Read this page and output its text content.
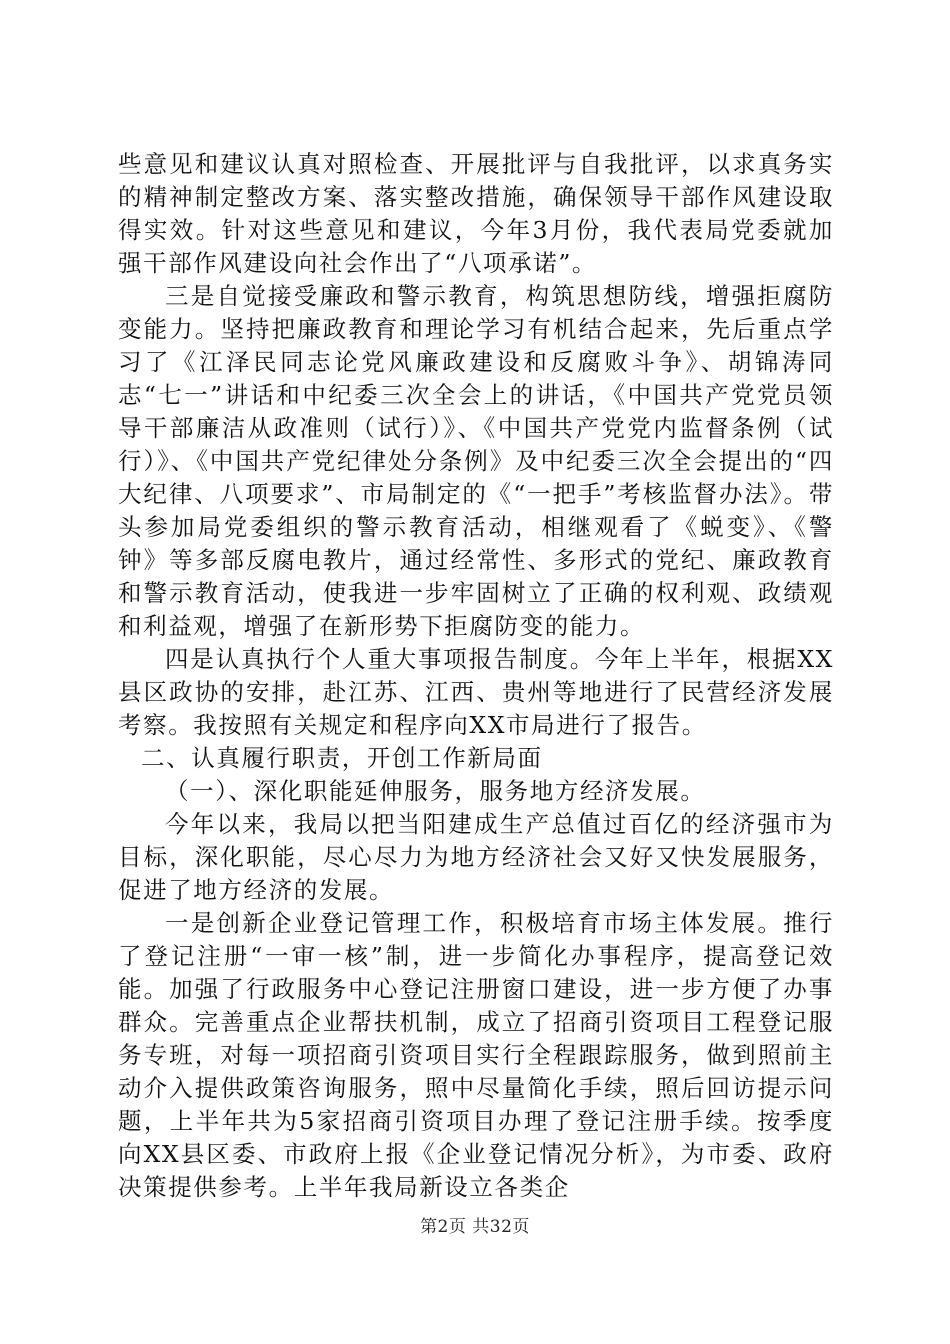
些意见和建议认真对照检查、开展批评与自我批评，以求真务实的精神制定整改方案、落实整改措施，确保领导干部作风建设取得实效。针对这些意见和建议，今年3月份，我代表局党委就加强干部作风建设向社会作出了“八项承诺”。

三是自觉接受廉政和警示教育，构筑思想防线，增强拒腐防变能力。坚持把廉政教育和理论学习有机结合起来，先后重点学习了《江泽民同志论党风廉政建设和反腐败斗争》、胡锦涛同志“七一”讲话和中纪委三次全会上的讲话，《中国共产党党员领导干部廉洁从政准则（试行）》、《中国共产党党内监督条例（试行）》、《中国共产党纪律处分条例》及中纪委三次全会提出的“四大纪律、八项要求”、市局制定的《“一把手”考核监督办法》。带头参加局党委组织的警示教育活动，相继观看了《蜕变》、《警钟》等多部反腐电教片，通过经常性、多形式的党纪、廉政教育和警示教育活动，使我进一步牢固树立了正确的权利观、政绩观和利益观，增强了在新形势下拒腐防变的能力。

四是认真执行个人重大事项报告制度。今年上半年，根据XX县区政协的安排，赴江苏、江西、贵州等地进行了民营经济发展考察。我按照有关规定和程序向XX市局进行了报告。

二、认真履行职责，开创工作新局面

（一）、深化职能延伸服务，服务地方经济发展。

今年以来，我局以把当阳建成生产总值过百亿的经济强市为目标，深化职能，尽心尽力为地方经济社会又好又快发展服务，促进了地方经济的发展。

一是创新企业登记管理工作，积极培育市场主体发展。推行了登记注册“一审一核”制，进一步简化办事程序，提高登记效能。加强了行政服务中心登记注册窗口建设，进一步方便了办事群众。完善重点企业帮扶机制，成立了招商引资项目工程登记服务专班，对每一项招商引资项目实行全程跟踪服务，做到照前主动介入提供政策咨询服务，照中尽量简化手续，照后回访提示问题，上半年共为5家招商引资项目办理了登记注册手续。按季度向XX县区委、市政府上报《企业登记情况分析》，为市委、政府决策提供参考。上半年我局新设立各类企

第2页 共32页
